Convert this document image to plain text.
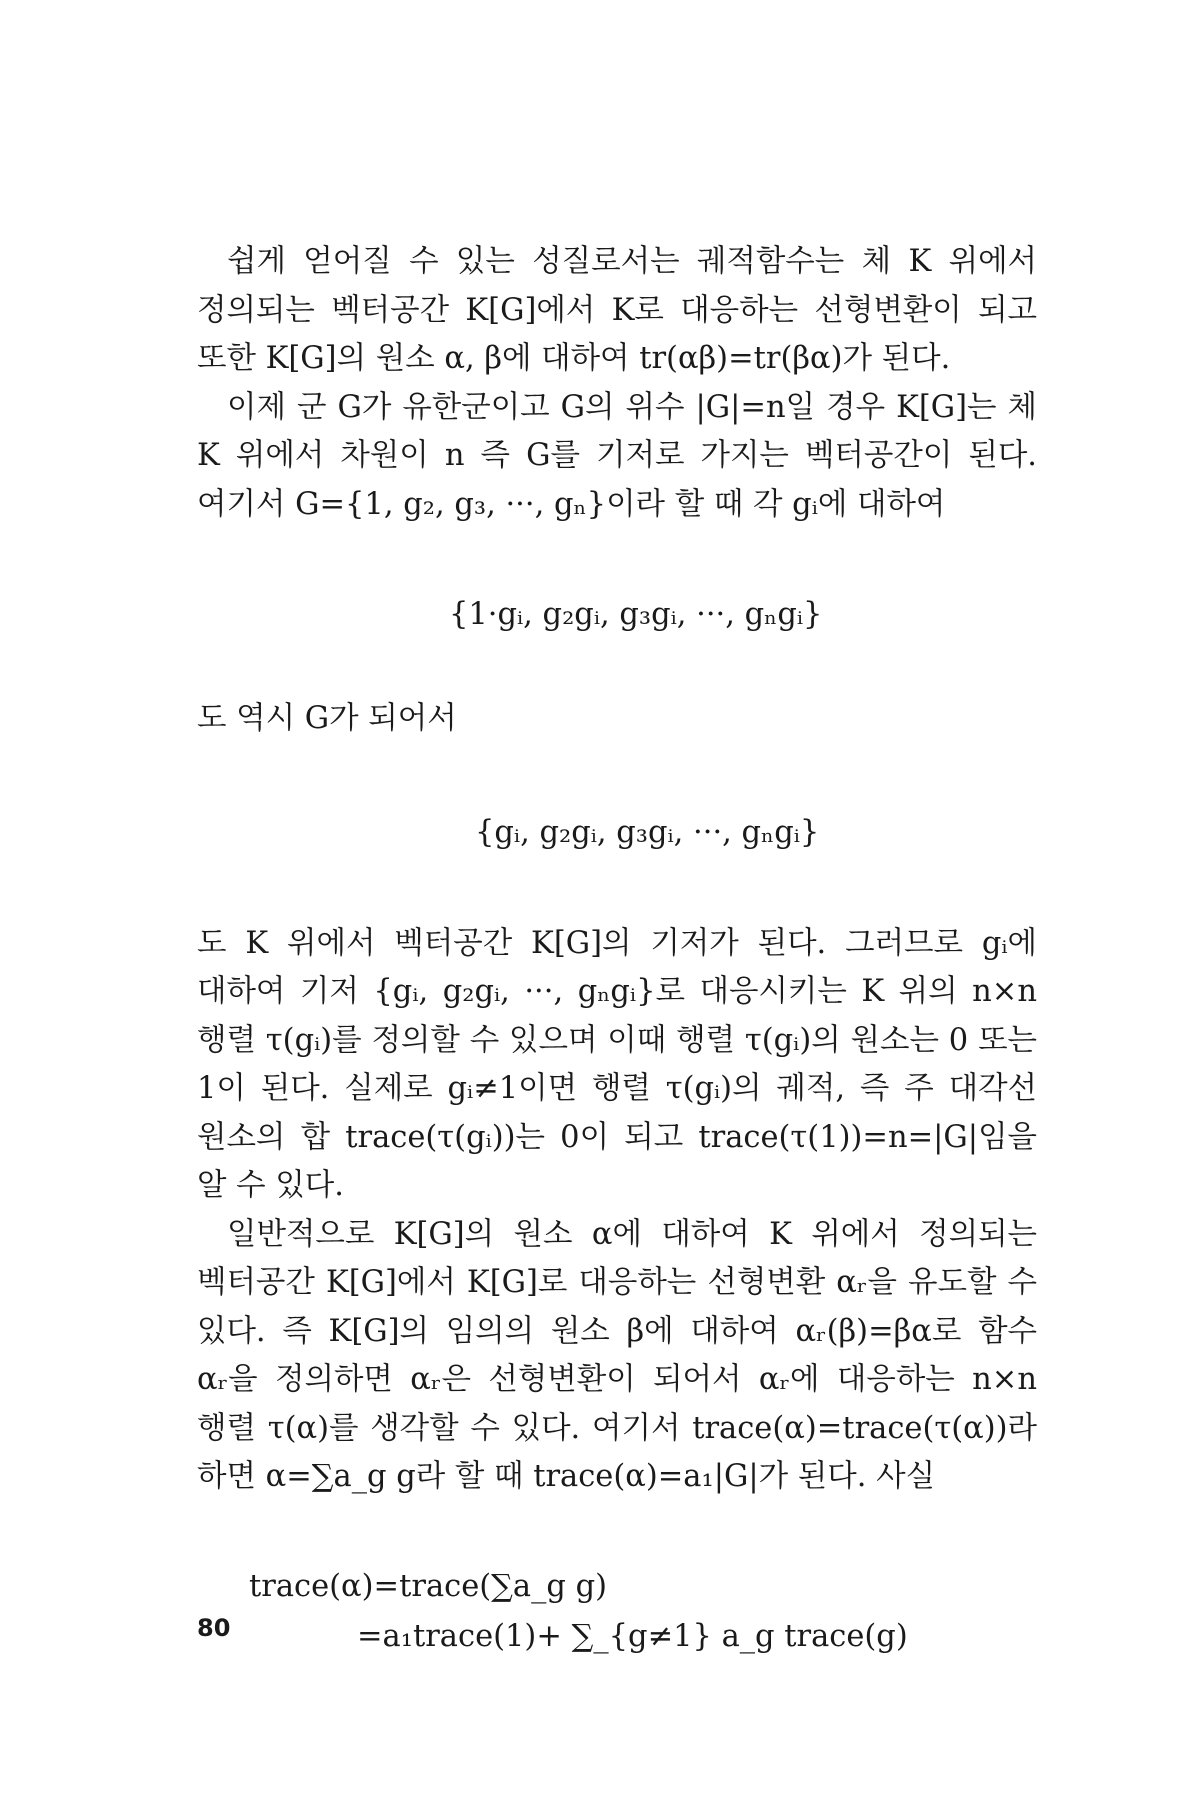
쉽게 얻어질 수 있는 성질로서는 궤적함수는 체 K 위에서 정의되는 벡터공간 K[G]에서 K로 대응하는 선형변환이 되고 또한 K[G]의 원소 α, β에 대하여 tr(αβ)=tr(βα)가 된다.

이제 군 G가 유한군이고 G의 위수 |G|=n일 경우 K[G]는 체 K 위에서 차원이 n 즉 G를 기저로 가지는 벡터공간이 된다. 여기서 G={1, g₂, g₃, ···, gₙ}이라 할 때 각 gᵢ에 대하여

{1·gᵢ, g₂gᵢ, g₃gᵢ, ···, gₙgᵢ}

도 역시 G가 되어서

{gᵢ, g₂gᵢ, g₃gᵢ, ···, gₙgᵢ}

도 K 위에서 벡터공간 K[G]의 기저가 된다. 그러므로 gᵢ에 대하여 기저 {gᵢ, g₂gᵢ, ···, gₙgᵢ}로 대응시키는 K 위의 n×n 행렬 τ(gᵢ)를 정의할 수 있으며 이때 행렬 τ(gᵢ)의 원소는 0 또는 1이 된다. 실제로 gᵢ≠1이면 행렬 τ(gᵢ)의 궤적, 즉 주 대각선 원소의 합 trace(τ(gᵢ))는 0이 되고 trace(τ(1))=n=|G|임을 알 수 있다.

일반적으로 K[G]의 원소 α에 대하여 K 위에서 정의되는 벡터공간 K[G]에서 K[G]로 대응하는 선형변환 αᵣ을 유도할 수 있다. 즉 K[G]의 임의의 원소 β에 대하여 αᵣ(β)=βα로 함수 αᵣ을 정의하면 αᵣ은 선형변환이 되어서 αᵣ에 대응하는 n×n 행렬 τ(α)를 생각할 수 있다. 여기서 trace(α)=trace(τ(α))라 하면 α=∑a_g g라 할 때 trace(α)=a₁|G|가 된다. 사실

trace(α)=trace(∑a_g g)
=a₁trace(1)+ ∑_{g≠1} a_g trace(g)
80
